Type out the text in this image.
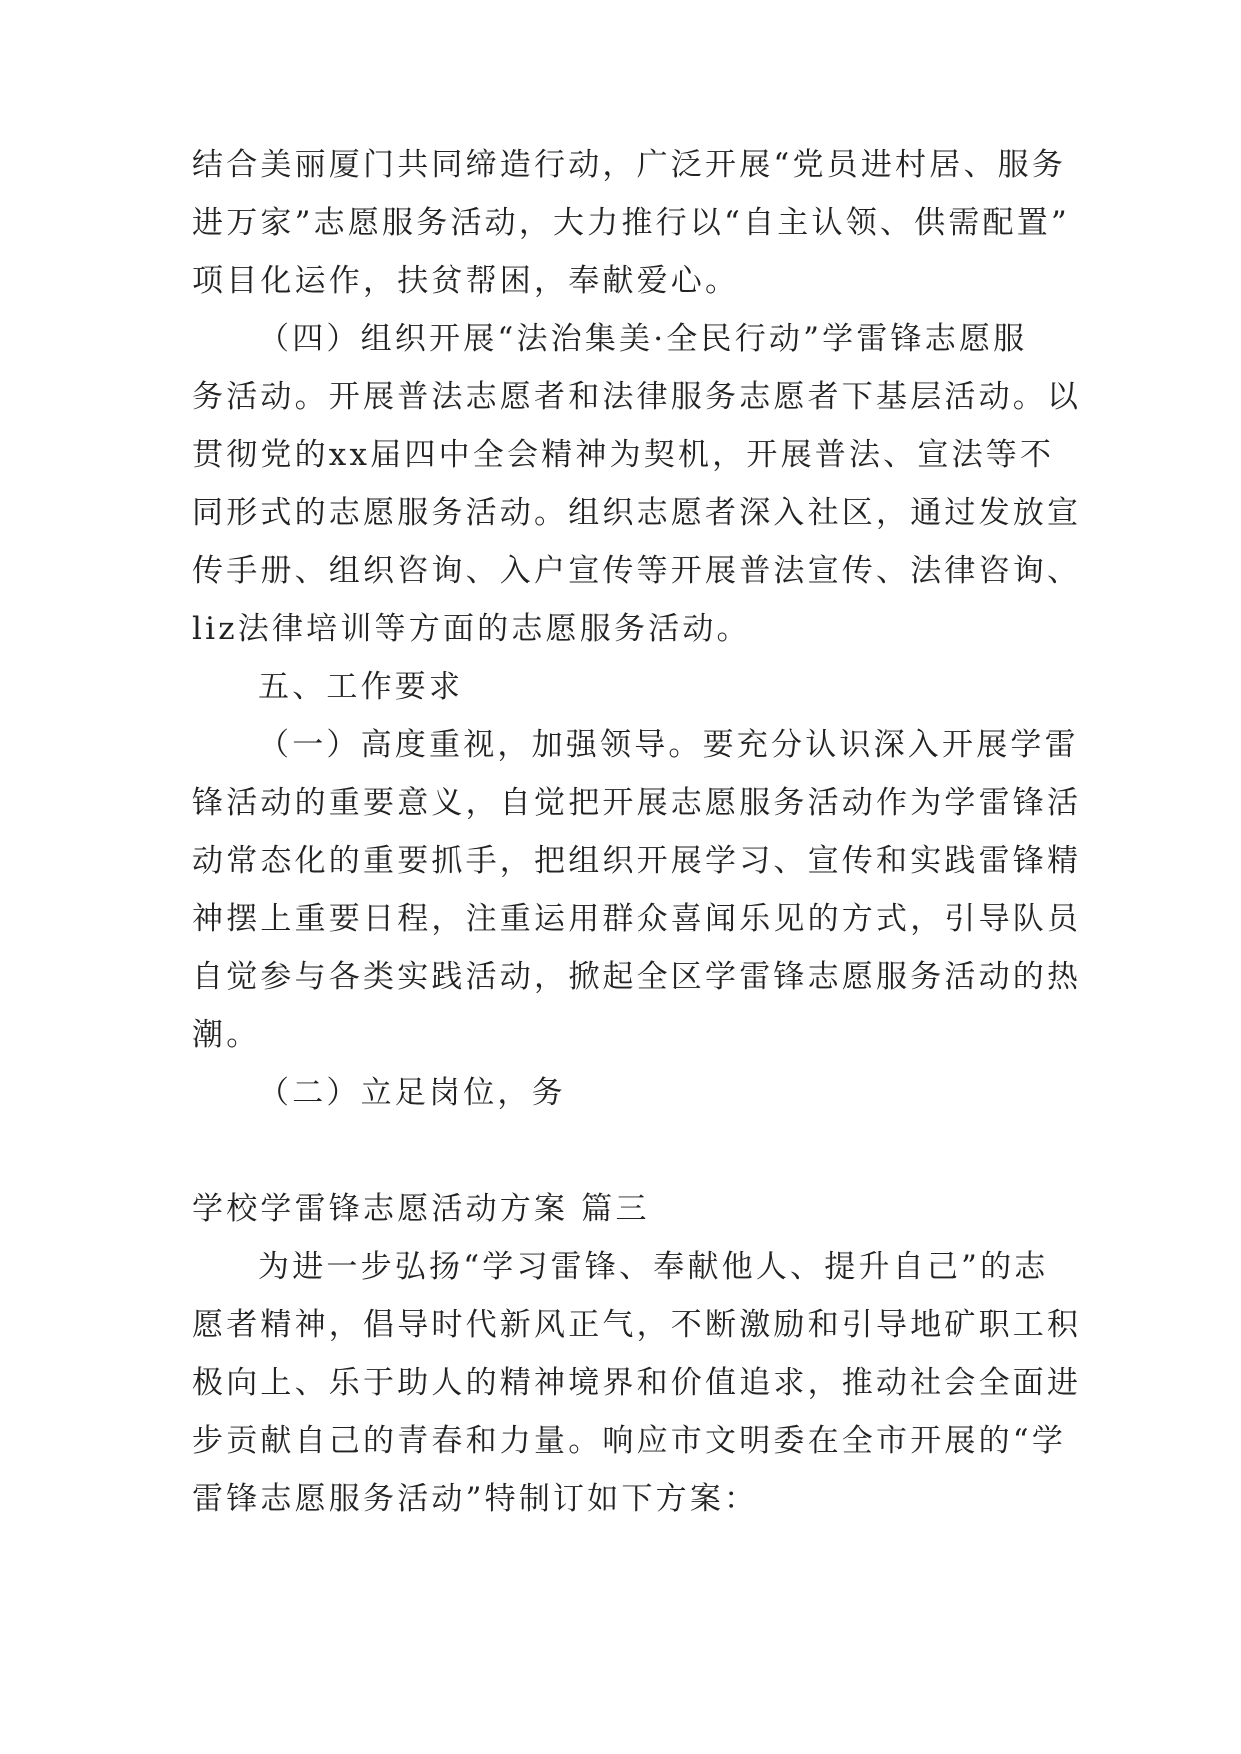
结合美丽厦门共同缔造行动，广泛开展“党员进村居、服务
进万家”志愿服务活动，大力推行以“自主认领、供需配置”
项目化运作，扶贫帮困，奉献爱心。
（四）组织开展“法治集美·全民行动”学雷锋志愿服
务活动。开展普法志愿者和法律服务志愿者下基层活动。以
贯彻党的xx届四中全会精神为契机，开展普法、宣法等不
同形式的志愿服务活动。组织志愿者深入社区，通过发放宣
传手册、组织咨询、入户宣传等开展普法宣传、法律咨询、
liz法律培训等方面的志愿服务活动。
五、工作要求
（一）高度重视，加强领导。要充分认识深入开展学雷
锋活动的重要意义，自觉把开展志愿服务活动作为学雷锋活
动常态化的重要抓手，把组织开展学习、宣传和实践雷锋精
神摆上重要日程，注重运用群众喜闻乐见的方式，引导队员
自觉参与各类实践活动，掀起全区学雷锋志愿服务活动的热
潮。
（二）立足岗位，务
学校学雷锋志愿活动方案 篇三
为进一步弘扬“学习雷锋、奉献他人、提升自己”的志
愿者精神，倡导时代新风正气，不断激励和引导地矿职工积
极向上、乐于助人的精神境界和价值追求，推动社会全面进
步贡献自己的青春和力量。响应市文明委在全市开展的“学
雷锋志愿服务活动”特制订如下方案：
